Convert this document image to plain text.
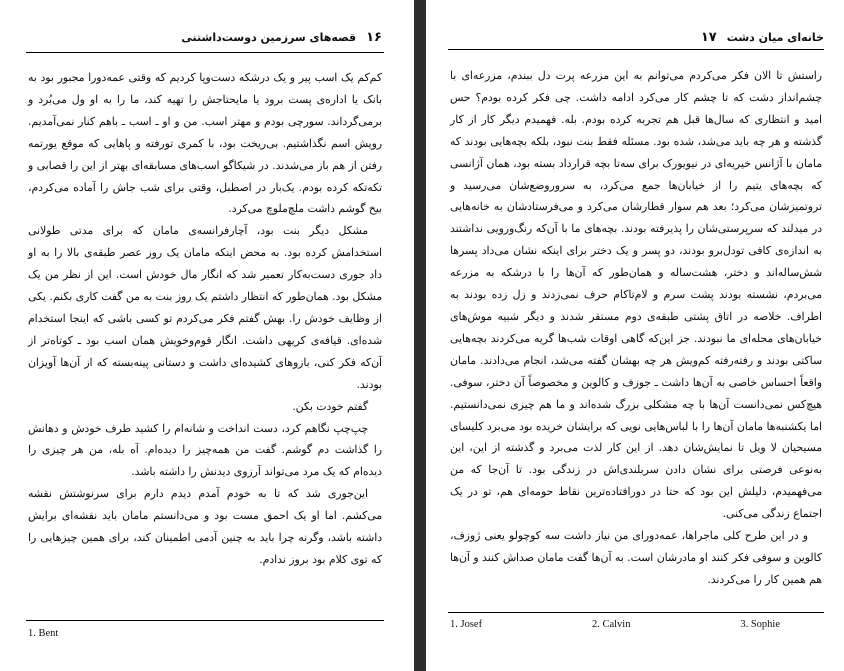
۱۶
قصه‌های سرزمین دوست‌داشتنی

کم‌کم یک اسب پیر و یک درشکه دست‌وپا کردیم که وقتی عمه‌دورا مجبور بود به بانک یا اداره‌ی پست برود یا مایحتاجش را تهیه کند، ما را به او ول می‌بُرد و برمی‌گرداند. سورچی بودم و مهتر اسب. من و او ـ اسب ـ باهم کنار نمی‌آمدیم. رویش اسم نگذاشتیم. بی‌ریخت بود، با کمری تورفته و پاهایی که موقع یورتمه رفتن از هم باز می‌شدند. در شیکاگو اسب‌های مسابقه‌ای بهتر از این را قصابی و تکه‌تکه کرده بودم. یک‌بار در اصطبل، وقتی برای شب جاش را آماده می‌کردم، بیخ گوشم داشت ملچ‌ملوچ می‌کرد.

مشکل دیگر بنت بود، آچارفرانسه‌ی مامان که برای مدتی طولانی استخدامش کرده بود. به محض اینکه مامان یک روز عصر طبقه‌ی بالا را به او داد جوری دست‌به‌کار تعمیر شد که انگار مال خودش است. این از نظر من یک مشکل بود. همان‌طور که انتظار داشتم یک روز بنت به من گفت کاری بکنم. یکی از وظایف خودش را. بهش گفتم فکر می‌کردم تو کسی باشی که اینجا استخدام شده‌ای. قیافه‌ی کریهی داشت. انگار قوم‌وخویش همان اسب بود ـ کوتاه‌تر از آن‌که فکر کنی، بازوهای کشیده‌ای داشت و دستانی پینه‌بسته که از آن‌ها آویزان بودند.

گفتم خودت بکن.

چپ‌چپ نگاهم کرد، دست انداخت و شانه‌ام را کشید طرف خودش و دهانش را گذاشت دم گوشم. گفت من همه‌چیز را دیده‌ام. آه بله، من هر چیزی را دیده‌ام که یک مرد می‌تواند آرزوی دیدنش را داشته باشد.

این‌جوری شد که تا به خودم آمدم دیدم دارم برای سرنوشتش نقشه می‌کشم. اما او یک احمق مست بود و می‌دانستم مامان باید نقشه‌ای برایش داشته باشد، وگرنه چرا باید به چنین آدمی اطمینان کند، برای همین چیزهایی را که توی کلام بود بروز ندادم.

1. Bent
خانه‌ای میان دشت
۱۷

راستش تا الان فکر می‌کردم می‌توانم به این مزرعه پرت دل ببندم، مزرعه‌ای با چشم‌انداز دشت که تا چشم کار می‌کرد ادامه داشت. چی فکر کرده بودم؟ حس امید و انتظاری که سال‌ها قبل هم تجربه کرده بودم. بله. فهمیدم دیگر کار از کار گذشته و هر چه باید می‌شد، شده بود. مسئله فقط بنت نبود، بلکه بچه‌هایی بودند که مامان با آژانس خیریه‌ای در نیویورک برای سه‌تا بچه قرارداد بسته بود، همان آژانسی که بچه‌های یتیم را از خیابان‌ها جمع می‌کرد، به سروروضع‌شان می‌رسید و تروتمیزشان می‌کرد؛ بعد هم سوار قطارشان می‌کرد و می‌فرستادشان به خانه‌هایی در میدلند که سرپرستی‌شان را پذیرفته بودند. بچه‌های ما با آن‌که رنگ‌ورویی نداشتند به اندازه‌ی کافی تودل‌برو بودند، دو پسر و یک دختر برای اینکه نشان می‌داد پسرها شش‌ساله‌اند و دختر، هشت‌ساله و همان‌طور که آن‌ها را با درشکه به مزرعه می‌بردم، نشسته بودند پشت سرم و لام‌تاکام حرف نمی‌زدند و زل زده بودند به اطراف. خلاصه در اتاق پشتی طبقه‌ی دوم مستقر شدند و دیگر شبیه موش‌های خیابان‌های محله‌ای ما نبودند. جز این‌که گاهی اوقات شب‌ها گریه می‌کردند بچه‌هایی ساکتی بودند و رفته‌رفته کم‌ویش هر چه بهشان گفته می‌شد، انجام می‌دادند. مامان واقعاً احساس خاصی به آن‌ها داشت ـ جوزف و کالوین و مخصوصاً آن دختر، سوفی. هیچ‌کس نمی‌دانست آن‌ها با چه مشکلی بزرگ شده‌اند و ما هم چیزی نمی‌دانستیم. اما یکشنبه‌ها مامان آن‌ها را با لباس‌هایی نویی که برایشان خریده بود می‌برد کلیسای مسیحیان لا ویل تا نمایش‌شان دهد. از این کار لذت می‌برد و گذشته از این، این به‌نوعی فرصتی برای نشان دادن سربلندی‌اش در زندگی بود. تا آن‌جا که من می‌فهمیدم، دلیلش این بود که حتا در دورافتاده‌ترین نقاط حومه‌ای هم، تو در یک اجتماع زندگی می‌کنی.

و در این طرح کلی ماجراها، عمه‌دورای من نیاز داشت سه کوچولو یعنی ژوزف، کالوین و سوفی فکر کنند او مادرشان است. به آن‌ها گفت مامان صداش کنند و آن‌ها هم همین کار را می‌کردند.

1. Josef	2. Calvin	3. Sophie
